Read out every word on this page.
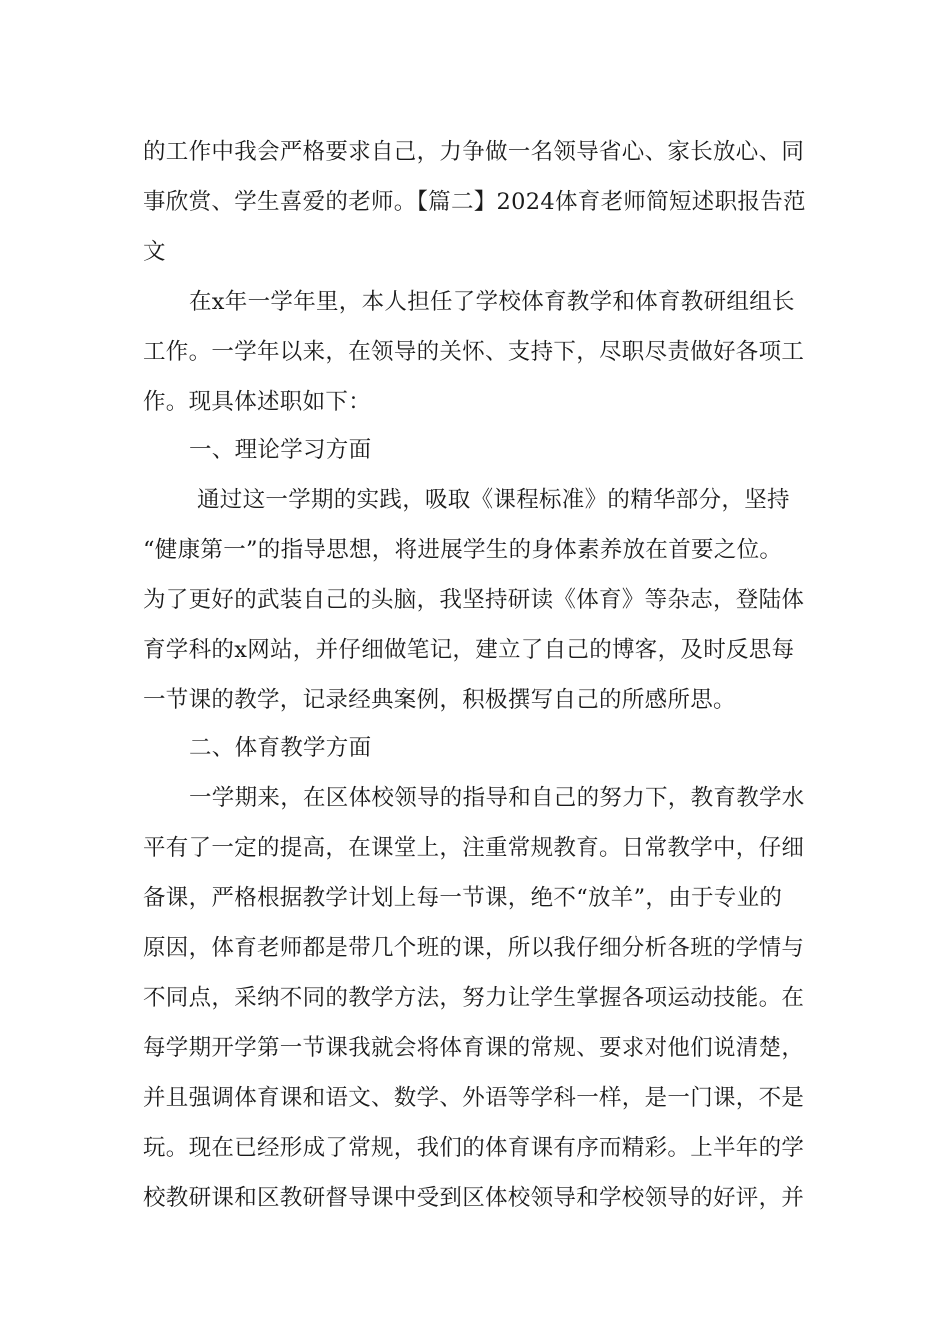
的工作中我会严格要求自己，力争做一名领导省心、家长放心、同

事欣赏、学生喜爱的老师。【篇二】2024体育老师简短述职报告范

文

在x年一学年里，本人担任了学校体育教学和体育教研组组长

工作。一学年以来，在领导的关怀、支持下，尽职尽责做好各项工

作。现具体述职如下：

一、理论学习方面

通过这一学期的实践，吸取《课程标准》的精华部分，坚持

“健康第一”的指导思想，将进展学生的身体素养放在首要之位。

为了更好的武装自己的头脑，我坚持研读《体育》等杂志，登陆体

育学科的x网站，并仔细做笔记，建立了自己的博客，及时反思每

一节课的教学，记录经典案例，积极撰写自己的所感所思。

二、体育教学方面

一学期来，在区体校领导的指导和自己的努力下，教育教学水

平有了一定的提高，在课堂上，注重常规教育。日常教学中，仔细

备课，严格根据教学计划上每一节课，绝不“放羊”，由于专业的

原因，体育老师都是带几个班的课，所以我仔细分析各班的学情与

不同点，采纳不同的教学方法，努力让学生掌握各项运动技能。在

每学期开学第一节课我就会将体育课的常规、要求对他们说清楚，

并且强调体育课和语文、数学、外语等学科一样，是一门课，不是

玩。现在已经形成了常规，我们的体育课有序而精彩。上半年的学

校教研课和区教研督导课中受到区体校领导和学校领导的好评，并
